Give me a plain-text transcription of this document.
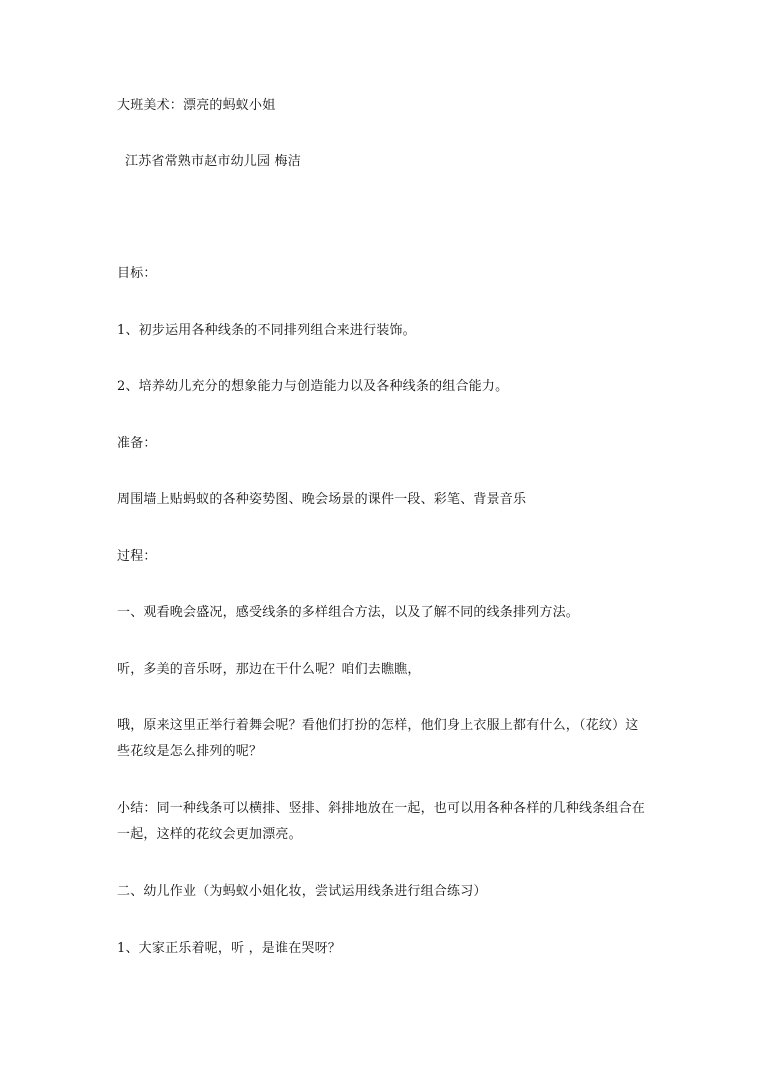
大班美术：漂亮的蚂蚁小姐
江苏省常熟市赵市幼儿园 梅洁
目标：
1、初步运用各种线条的不同排列组合来进行装饰。
2、培养幼儿充分的想象能力与创造能力以及各种线条的组合能力。
准备：
周围墙上贴蚂蚁的各种姿势图、晚会场景的课件一段、彩笔、背景音乐
过程：
一、观看晚会盛况，感受线条的多样组合方法，以及了解不同的线条排列方法。
听，多美的音乐呀，那边在干什么呢？咱们去瞧瞧，
哦，原来这里正举行着舞会呢？看他们打扮的怎样，他们身上衣服上都有什么，（花纹）这
些花纹是怎么排列的呢？
小结：同一种线条可以横排、竖排、斜排地放在一起，也可以用各种各样的几种线条组合在
一起，这样的花纹会更加漂亮。
二、幼儿作业（为蚂蚁小姐化妆，尝试运用线条进行组合练习）
1、大家正乐着呢，听 ，是谁在哭呀？
